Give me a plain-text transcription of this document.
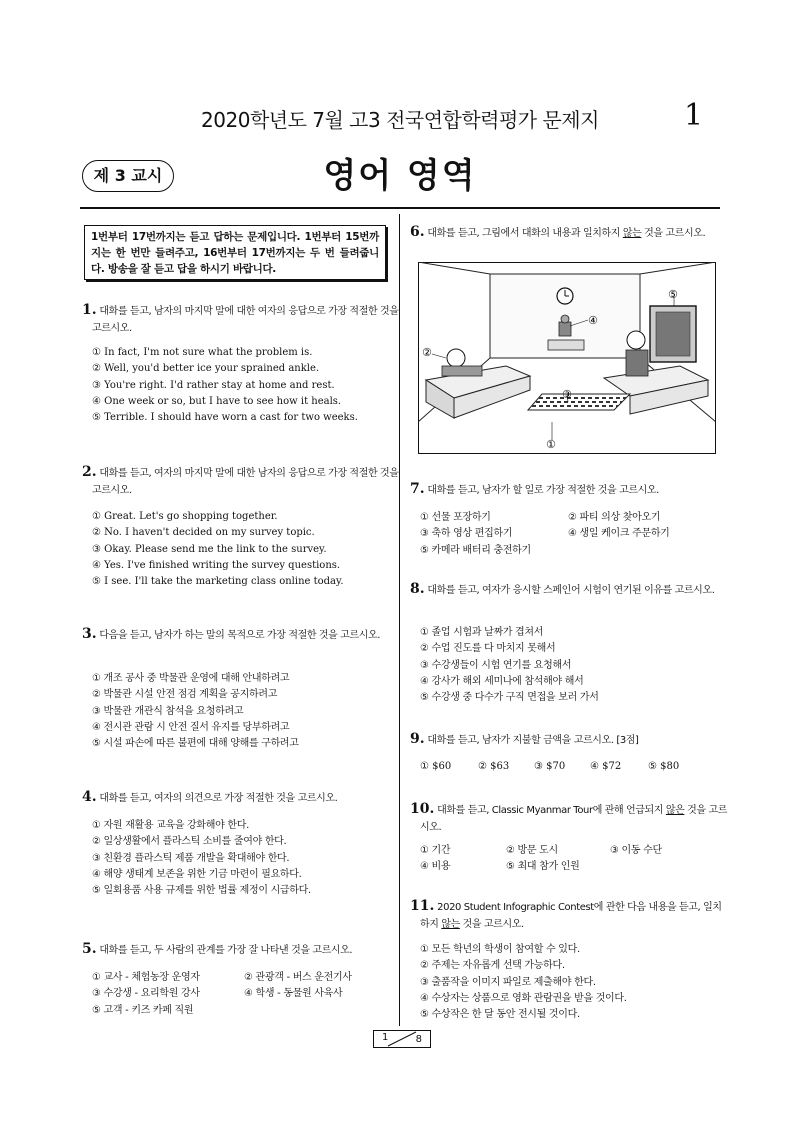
2020학년도 7월 고3 전국연합학력평가 문제지	1
제 3 교시	영어 영역
1번부터 17번까지는 듣고 답하는 문제입니다. 1번부터 15번까지는 한 번만 들려주고, 16번부터 17번까지는 두 번 들려줍니다. 방송을 잘 듣고 답을 하시기 바랍니다.
1. 대화를 듣고, 남자의 마지막 말에 대한 여자의 응답으로 가장 적절한 것을 고르시오.
① In fact, I'm not sure what the problem is.
② Well, you'd better ice your sprained ankle.
③ You're right. I'd rather stay at home and rest.
④ One week or so, but I have to see how it heals.
⑤ Terrible. I should have worn a cast for two weeks.
2. 대화를 듣고, 여자의 마지막 말에 대한 남자의 응답으로 가장 적절한 것을 고르시오.
① Great. Let's go shopping together.
② No. I haven't decided on my survey topic.
③ Okay. Please send me the link to the survey.
④ Yes. I've finished writing the survey questions.
⑤ I see. I'll take the marketing class online today.
3. 다음을 듣고, 남자가 하는 말의 목적으로 가장 적절한 것을 고르시오.
① 개조 공사 중 박물관 운영에 대해 안내하려고
② 박물관 시설 안전 점검 계획을 공지하려고
③ 박물관 개관식 참석을 요청하려고
④ 전시관 관람 시 안전 질서 유지를 당부하려고
⑤ 시설 파손에 따른 불편에 대해 양해를 구하려고
4. 대화를 듣고, 여자의 의견으로 가장 적절한 것을 고르시오.
① 자원 재활용 교육을 강화해야 한다.
② 일상생활에서 플라스틱 소비를 줄여야 한다.
③ 친환경 플라스틱 제품 개발을 확대해야 한다.
④ 해양 생태계 보존을 위한 기금 마련이 필요하다.
⑤ 일회용품 사용 규제를 위한 법률 제정이 시급하다.
5. 대화를 듣고, 두 사람의 관계를 가장 잘 나타낸 것을 고르시오.
① 교사 - 체험농장 운영자	② 관광객 - 버스 운전기사
③ 수강생 - 요리학원 강사	④ 학생 - 동물원 사육사
⑤ 고객 - 키즈 카페 직원
6. 대화를 듣고, 그림에서 대화의 내용과 일치하지 않는 것을 고르시오.
①
②
③
④
⑤
7. 대화를 듣고, 남자가 할 일로 가장 적절한 것을 고르시오.
① 선물 포장하기	② 파티 의상 찾아오기
③ 축하 영상 편집하기	④ 생일 케이크 주문하기
⑤ 카메라 배터리 충전하기
8. 대화를 듣고, 여자가 응시할 스페인어 시험이 연기된 이유를 고르시오.
① 졸업 시험과 날짜가 겹쳐서
② 수업 진도를 다 마치지 못해서
③ 수강생들이 시험 연기를 요청해서
④ 강사가 해외 세미나에 참석해야 해서
⑤ 수강생 중 다수가 구직 면접을 보러 가서
9. 대화를 듣고, 남자가 지불할 금액을 고르시오. [3점]
① $60	② $63 ③ $70 ④ $72	⑤ $80
10. 대화를 듣고, Classic Myanmar Tour에 관해 언급되지 않은 것을 고르시오.
① 기간	② 방문 도시	③ 이동 수단
④ 비용	⑤ 최대 참가 인원
11. 2020 Student Infographic Contest에 관한 다음 내용을 듣고, 일치하지 않는 것을 고르시오.
① 모든 학년의 학생이 참여할 수 있다.
② 주제는 자유롭게 선택 가능하다.
③ 출품작을 이미지 파일로 제출해야 한다.
④ 수상자는 상품으로 영화 관람권을 받을 것이다.
⑤ 수상작은 한 달 동안 전시될 것이다.
1	8
